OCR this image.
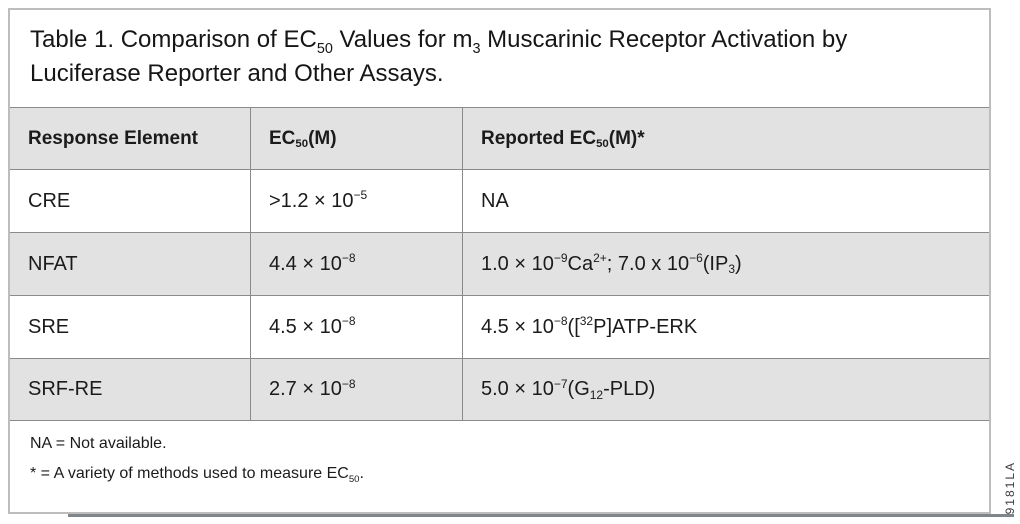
Table 1. Comparison of $EC_{50}$ Values for $m_3$ Muscarinic Receptor Activation by
Luciferase Reporter and Other Assays.
Response Element	$EC_{50}$ (M)	Reported $EC_{50}$ (M)*
CRE	$>1.2 \times 10^{-5}$	NA
NFAT	$4.4 \times 10^{-8}$	$1.0 \times 10^{-9}$ $Ca^{2+}$ ; 7.0 x $10^{-6}$ ($IP_3$ )
SRE	$4.5 \times 10^{-8}$	$4.5 \times 10^{-8}$ ([$^{32}$ P]ATP-ERK
SRF-RE	$2.7 \times 10^{-8}$	$5.0 \times 10^{-7}$ ($G_{12}$ -PLD)
NA = Not available.
* = A variety of methods used to measure $EC_{50}$.	9181LA
